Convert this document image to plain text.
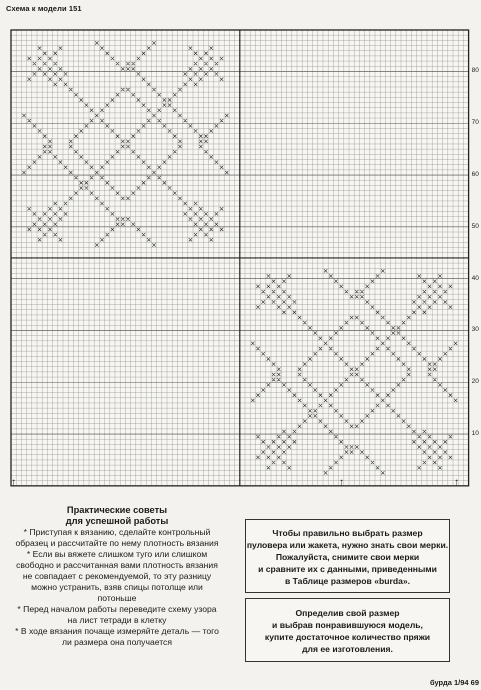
Схема к модели 151
80
70
60
50
40
30
20
10
↑	↑	↑
Практические советы
для успешной работы
* Приступая к вязанию, сделайте контрольный
образец и рассчитайте по нему плотность вязания
* Если вы вяжете слишком туго или слишком
свободно и рассчитанная вами плотность вязания
не совпадает с рекомендуемой, то эту разницу
можно устранить, взяв спицы потолще или
потоньше
* Перед началом работы переведите схему узора
на лист тетради в клетку
* В ходе вязания почаще измеряйте деталь — того
ли размера она получается
Чтобы правильно выбрать размер
пуловера или жакета, нужно знать свои мерки.
Пожалуйста, снимите свои мерки
и сравните их с данными, приведенными
в Таблице размеров «burda».
Определив свой размер
и выбрав понравившуюся модель,
купите достаточное количество пряжи
для ее изготовления.
бурда 1/94 69
